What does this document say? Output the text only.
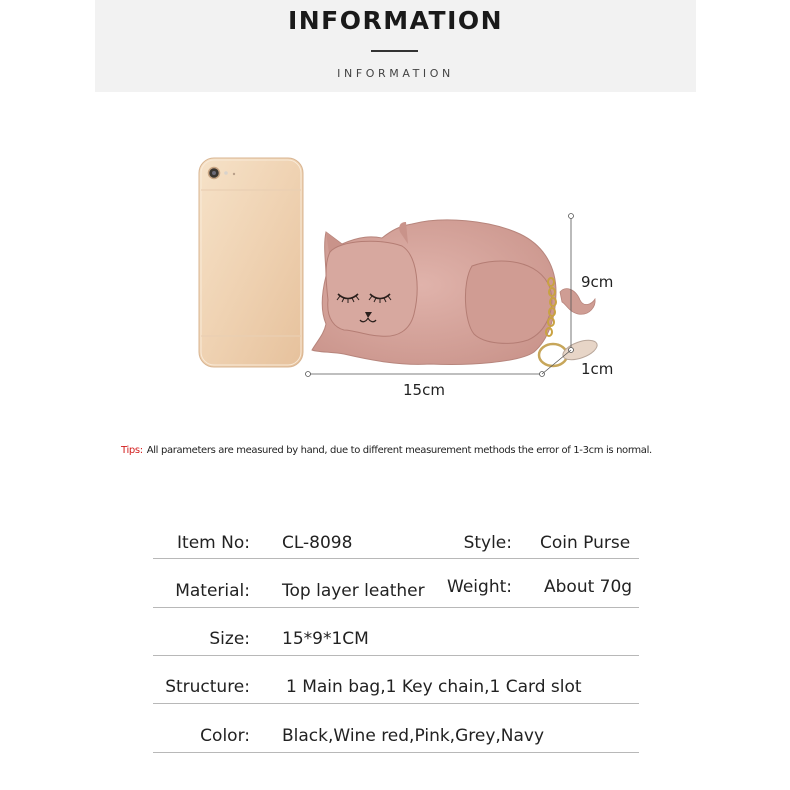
INFORMATION
INFORMATION
9cm
1cm
15cm
Tips: All parameters are measured by hand, due to different measurement methods the error of 1-3cm is normal.
Item No: CL-8098	Style: Coin Purse
Material: Top layer leather	Weight: About 70g
Size: 15*9*1CM
Structure: 1 Main bag,1 Key chain,1 Card slot
Color: Black,Wine red,Pink,Grey,Navy
